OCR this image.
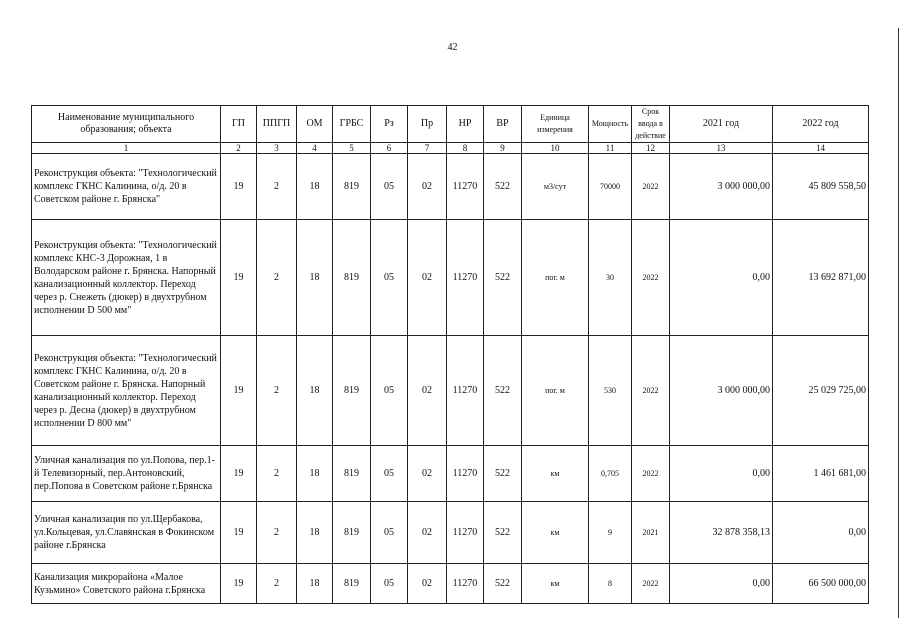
42
Наименование муниципального образования; объекта	ГП	ППГП	ОМ	ГРБС	Рз	Пр	НР	ВР	Единица измерения	Мощность	Срок ввода в действие	2021 год	2022 год
1	2	3	4	5	6	7	8	9	10	11	12	13	14
Реконструкция объекта: "Технологический комплекс ГКНС Калинина, о/д. 20 в Советском районе г. Брянска"	19	2	18	819	05	02	11270	522	м3/сут	70000	2022	3 000 000,00	45 809 558,50
Реконструкция объекта: "Технологический комплекс КНС-3 Дорожная, 1 в Володарском районе г. Брянска. Напорный канализационный коллектор. Переход через р. Снежеть (дюкер) в двухтрубном исполнении D 500 мм"	19	2	18	819	05	02	11270	522	пог. м	30	2022	0,00	13 692 871,00
Реконструкция объекта: "Технологический комплекс ГКНС Калинина, о/д. 20 в Советском районе г. Брянска. Напорный канализационный коллектор. Переход через р. Десна (дюкер) в двухтрубном исполнении D 800 мм"	19	2	18	819	05	02	11270	522	пог. м	530	2022	3 000 000,00	25 029 725,00
Уличная канализация по ул.Попова, пер.1-й Телевизорный, пер.Антоновский, пер.Попова в Советском районе г.Брянска	19	2	18	819	05	02	11270	522	км	0,705	2022	0,00	1 461 681,00
Уличная канализация по ул.Щербакова, ул.Кольцевая, ул.Славянская в Фокинском районе г.Брянска	19	2	18	819	05	02	11270	522	км	9	2021	32 878 358,13	0,00
Канализация микрорайона «Малое Кузьмино» Советского района г.Брянска	19	2	18	819	05	02	11270	522	км	8	2022	0,00	66 500 000,00
